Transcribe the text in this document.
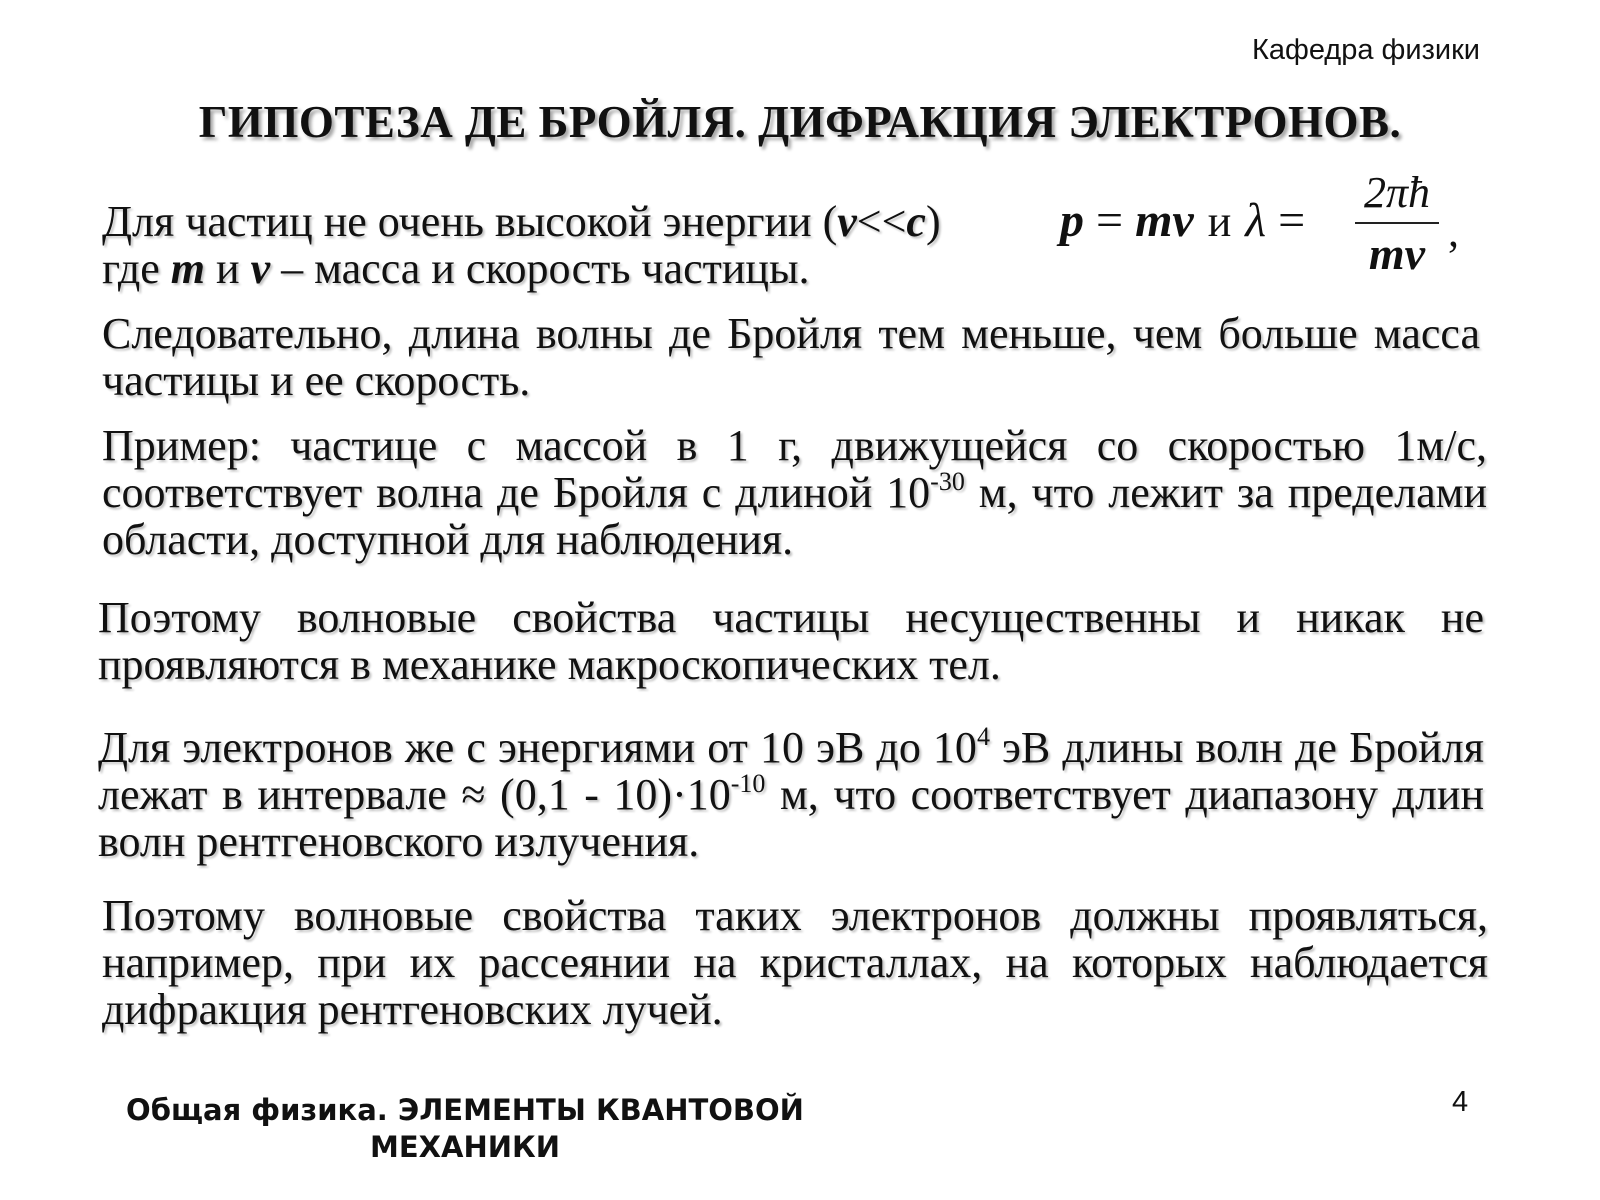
Кафедра физики
ГИПОТЕЗА ДЕ БРОЙЛЯ. ДИФРАКЦИЯ ЭЛЕКТРОНОВ.
Для частиц не очень высокой энергии (v<<c) p = mv и λ =
2πħ
mv ,
где m и v – масса и скорость частицы.

Следовательно, длина волны де Бройля тем меньше, чем больше масса частицы и ее скорость.

Пример: частице с массой в 1 г, движущейся со скоростью 1м/с, соответствует волна де Бройля с длиной $10^{-30}$ м, что лежит за пределами области, доступной для наблюдения.

Поэтому волновые свойства частицы несущественны и никак не проявляются в механике макроскопических тел.

Для электронов же с энергиями от 10 эВ до $10^4$ эВ длины волн де Бройля лежат в интервале ≈ $(0,1 - 10)\cdot 10^{-10}$ м, что соответствует диапазону длин волн рентгеновского излучения.

Поэтому волновые свойства таких электронов должны проявляться, например, при их рассеянии на кристаллах, на которых наблюдается дифракция рентгеновских лучей.

Общая физика. ЭЛЕМЕНТЫ КВАНТОВОЙ
МЕХАНИКИ
4
